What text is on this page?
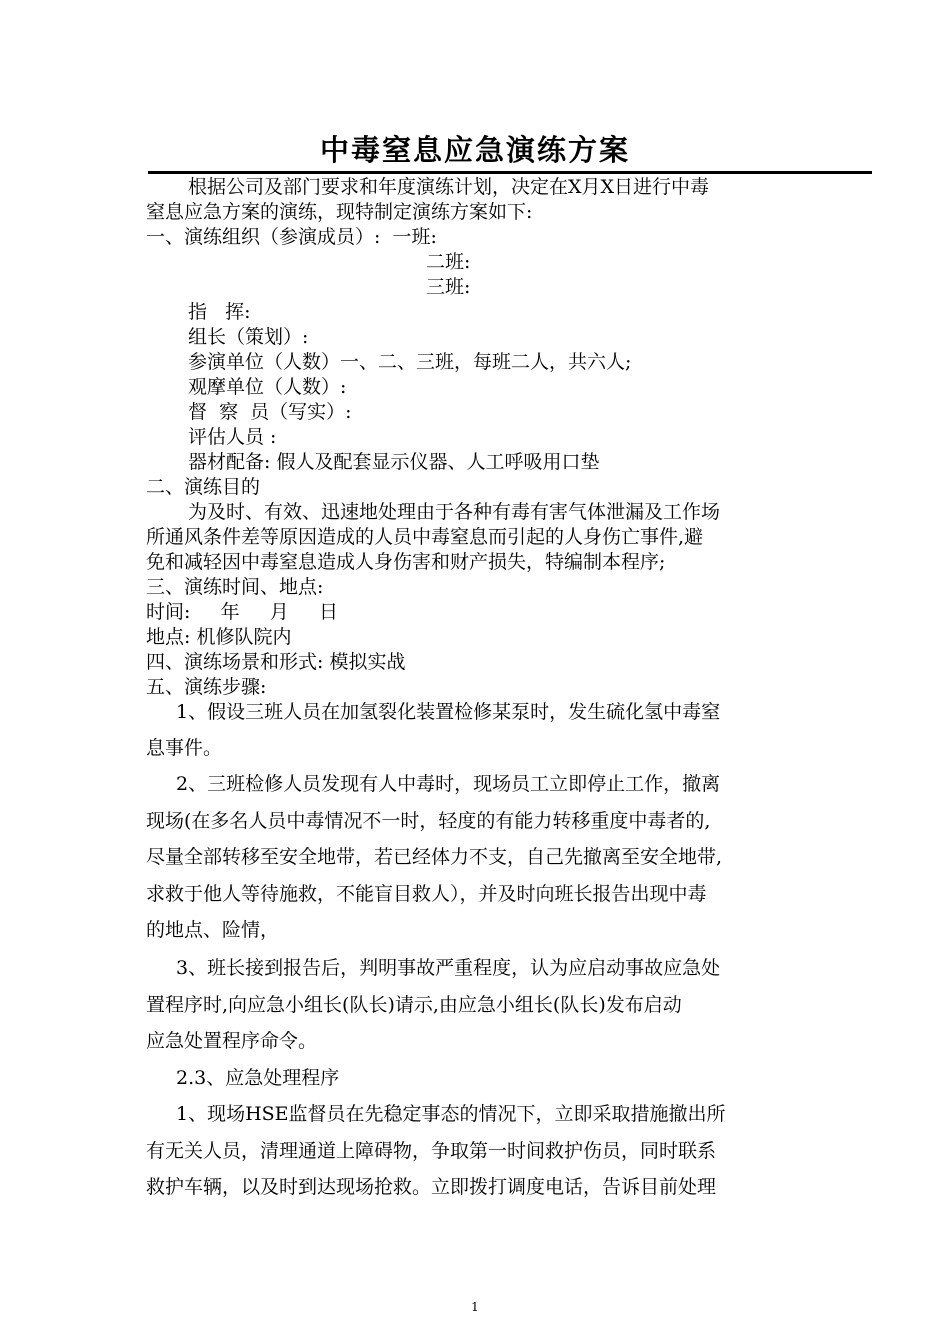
中毒窒息应急演练方案
根据公司及部门要求和年度演练计划，决定在X月X日进行中毒
窒息应急方案的演练，现特制定演练方案如下:
一、演练组织（参演成员）:  一班:
二班:
三班:
指   挥:
组长（策划）:
参演单位（人数）一、二、三班，每班二人，共六人;
观摩单位（人数）:
督  察  员（写实）:
评估人员 :
器材配备: 假人及配套显示仪器、人工呼吸用口垫
二、演练目的
为及时、有效、迅速地处理由于各种有毒有害气体泄漏及工作场
所通风条件差等原因造成的人员中毒窒息而引起的人身伤亡事件,避
免和减轻因中毒窒息造成人身伤害和财产损失，特编制本程序;
三、演练时间、地点:
时间:     年     月     日
地点: 机修队院内
四、演练场景和形式: 模拟实战
五、演练步骤:
1、假设三班人员在加氢裂化装置检修某泵时，发生硫化氢中毒窒
息事件。
2、三班检修人员发现有人中毒时，现场员工立即停止工作，撤离
现场(在多名人员中毒情况不一时，轻度的有能力转移重度中毒者的,
尽量全部转移至安全地带，若已经体力不支，自己先撤离至安全地带,
求救于他人等待施救，不能盲目救人），并及时向班长报告出现中毒
的地点、险情，
3、班长接到报告后，判明事故严重程度，认为应启动事故应急处
置程序时,向应急小组长(队长)请示,由应急小组长(队长)发布启动
应急处置程序命令。
2.3、应急处理程序
1、现场HSE监督员在先稳定事态的情况下，立即采取措施撤出所
有无关人员，清理通道上障碍物，争取第一时间救护伤员，同时联系
救护车辆，以及时到达现场抢救。立即拨打调度电话，告诉目前处理
1
